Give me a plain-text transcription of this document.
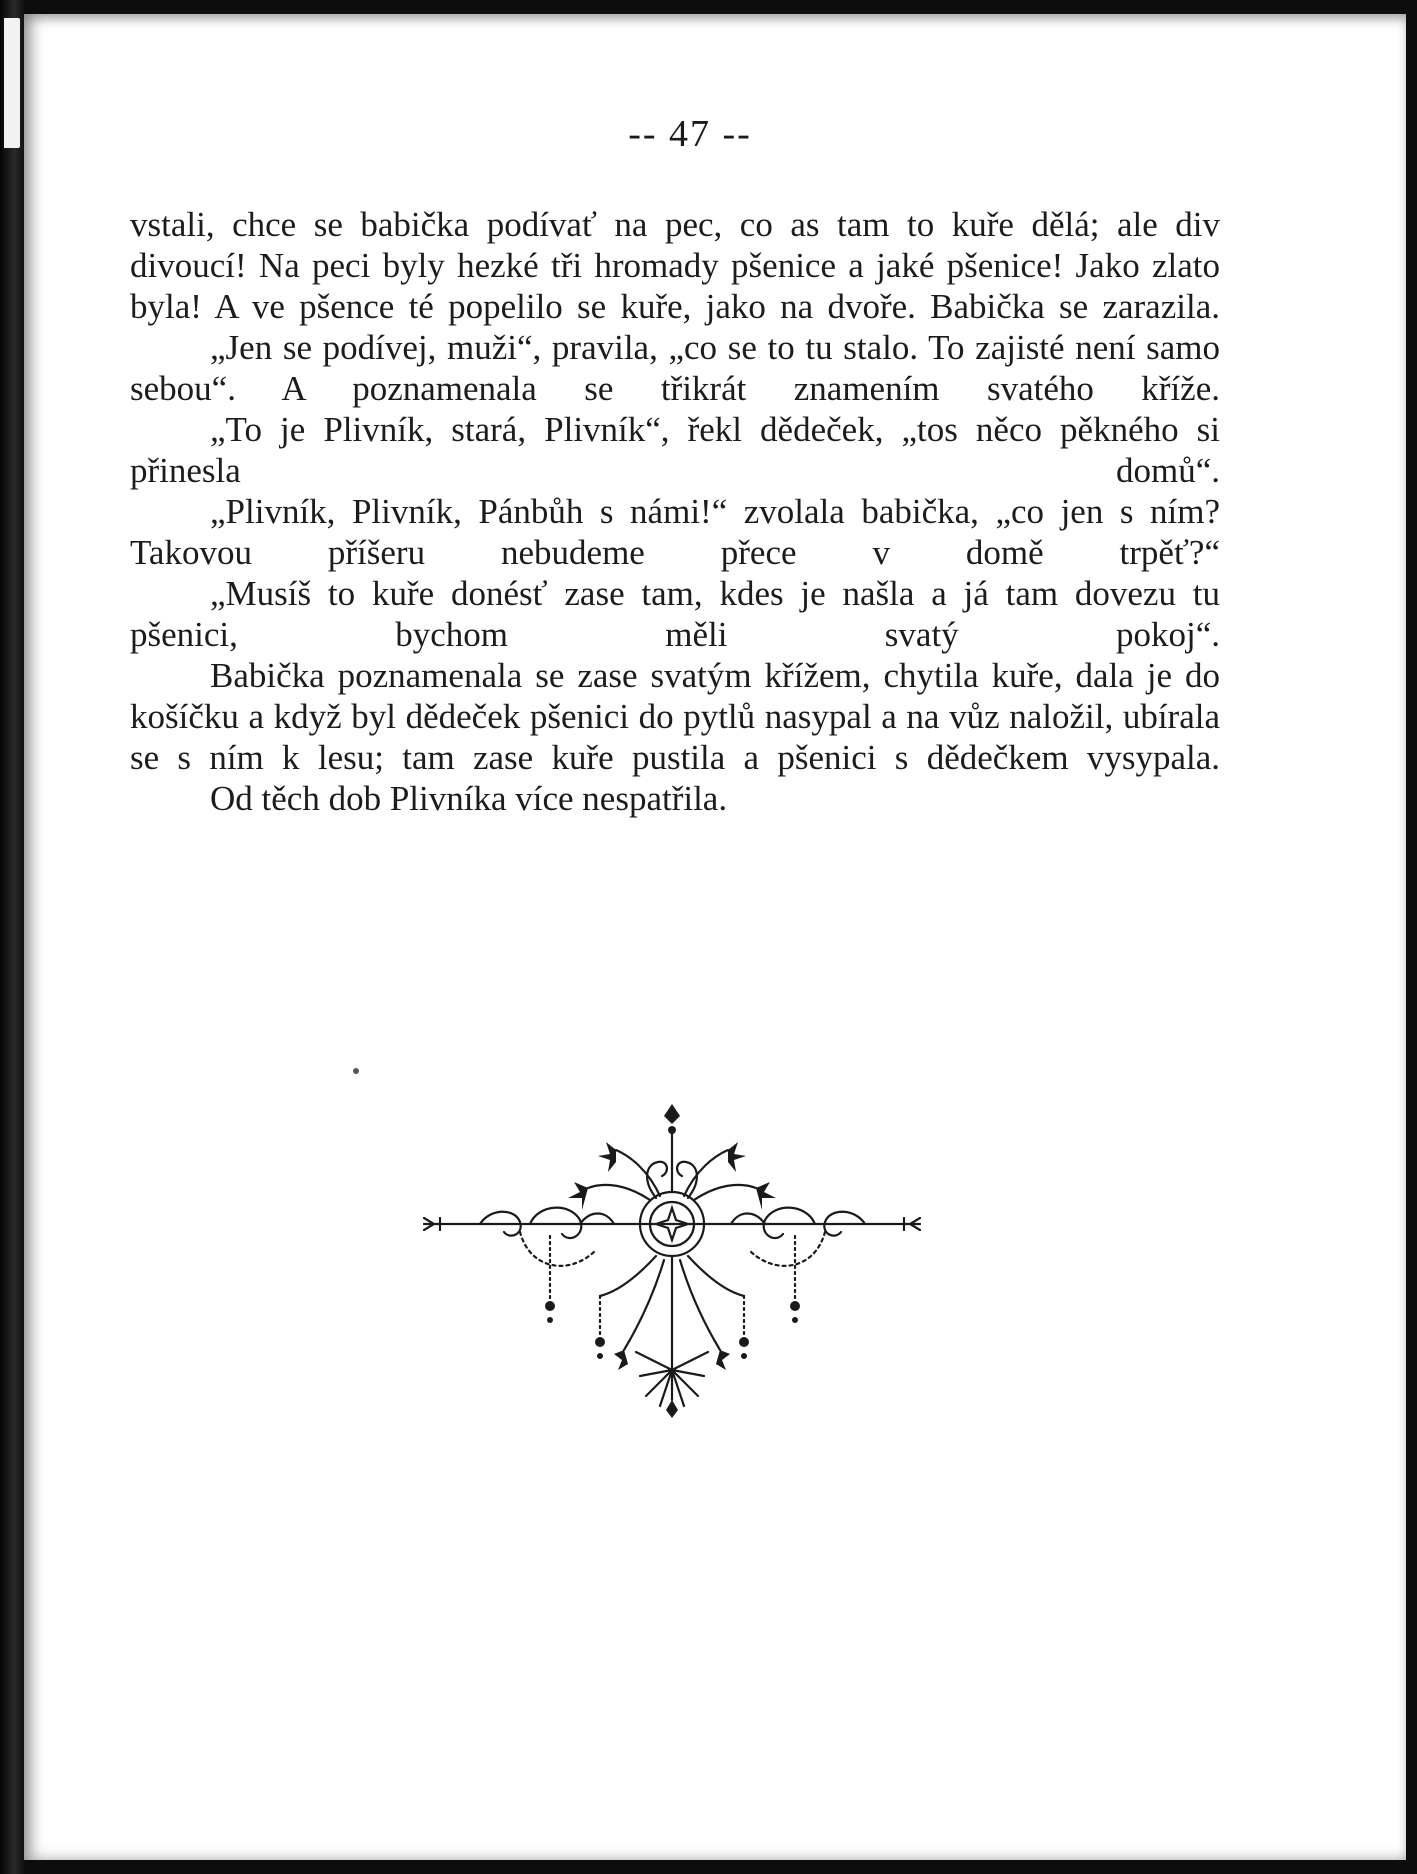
-- 47 --

vstali, chce se babička podívať na pec, co as tam to kuře dělá; ale div divoucí! Na peci byly hezké tři hromady pšenice a jaké pšenice! Jako zlato byla! A ve pšence té popelilo se kuře, jako na dvoře. Babička se zarazila.

„Jen se podívej, muži“, pravila, „co se to tu stalo. To zajisté není samo sebou“. A poznamenala se třikrát znamením svatého kříže.

„To je Plivník, stará, Plivník“, řekl dědeček, „tos něco pěkného si přinesla domů“.

„Plivník, Plivník, Pánbůh s námi!“ zvolala babička, „co jen s ním? Takovou příšeru nebudeme přece v domě trpěť?“

„Musíš to kuře donésť zase tam, kdes je našla a já tam dovezu tu pšenici, bychom měli svatý pokoj“.

Babička poznamenala se zase svatým křížem, chytila kuře, dala je do košíčku a když byl dědeček pšenici do pytlů nasypal a na vůz naložil, ubírala se s ním k lesu; tam zase kuře pustila a pšenici s dědečkem vysypala.

Od těch dob Plivníka více nespatřila.
